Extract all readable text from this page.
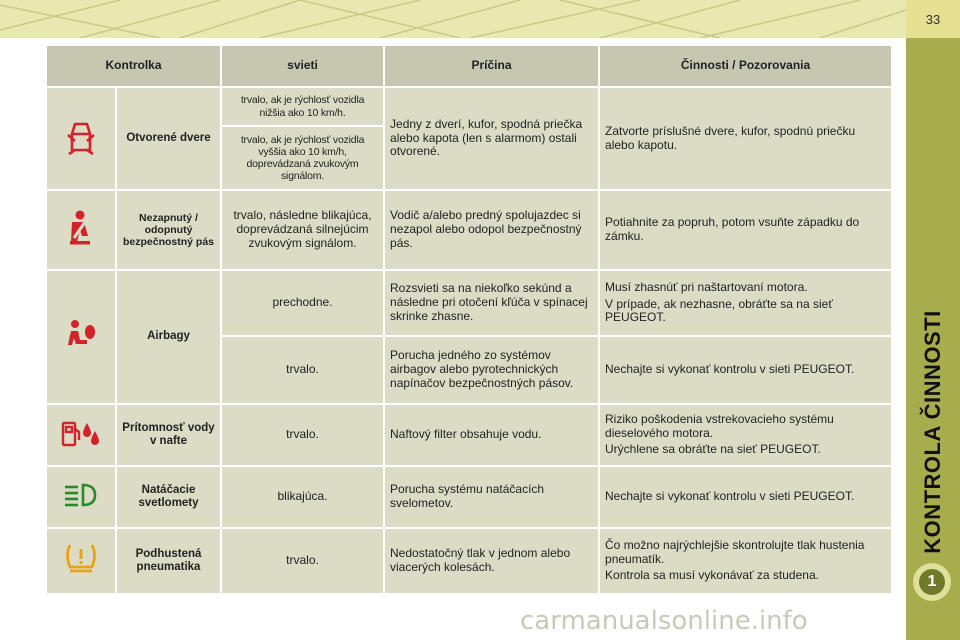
33
KONTROLA ČINNOSTI
1
Kontrolka		svieti	Príčina	Činnosti / Pozorovania
	Otvorené dvere	trvalo, ak je rýchlosť vozidla nižšia ako 10 km/h.	Jedny z dverí, kufor, spodná priečka alebo kapota (len s alarmom) ostali otvorené.	Zatvorte príslušné dvere, kufor, spodnú priečku alebo kapotu.

		trvalo, ak je rýchlosť vozidla vyššia ako 10 km/h, doprevádzaná zvukovým signálom.		
	Nezapnutý / odopnutý bezpečnostný pás	trvalo, následne blikajúca, doprevádzaná silnejúcim zvukovým signálom.	Vodič a/alebo predný spolujazdec si nezapol alebo odopol bezpečnostný pás.	Potiahnite za popruh, potom vsuňte západku do zámku.

	Airbagy	prechodne.	Rozsvieti sa na niekoľko sekúnd a následne pri otočení kľúča v spínacej skrinke zhasne.	Musí zhasnúť pri naštartovaní motora.

V prípade, ak nezhasne, obráťte sa na sieť PEUGEOT.

		trvalo.	Porucha jedného zo systémov airbagov alebo pyrotechnických napínačov bezpečnostných pásov.	Nechajte si vykonať kontrolu v sieti PEUGEOT.

	Prítomnosť vody v nafte	trvalo.	Naftový filter obsahuje vodu.	Riziko poškodenia vstrekovacieho systému dieselového motora.

Urýchlene sa obráťte na sieť PEUGEOT.

	Natáčacie svetlomety	blikajúca.	Porucha systému natáčacích svelometov.	Nechajte si vykonať kontrolu v sieti PEUGEOT.

	Podhustená pneumatika	trvalo.	Nedostatočný tlak v jednom alebo viacerých kolesách.	Čo možno najrýchlejšie skontrolujte tlak hustenia pneumatík.

Kontrola sa musí vykonávať za studena.

carmanualsonline.info
